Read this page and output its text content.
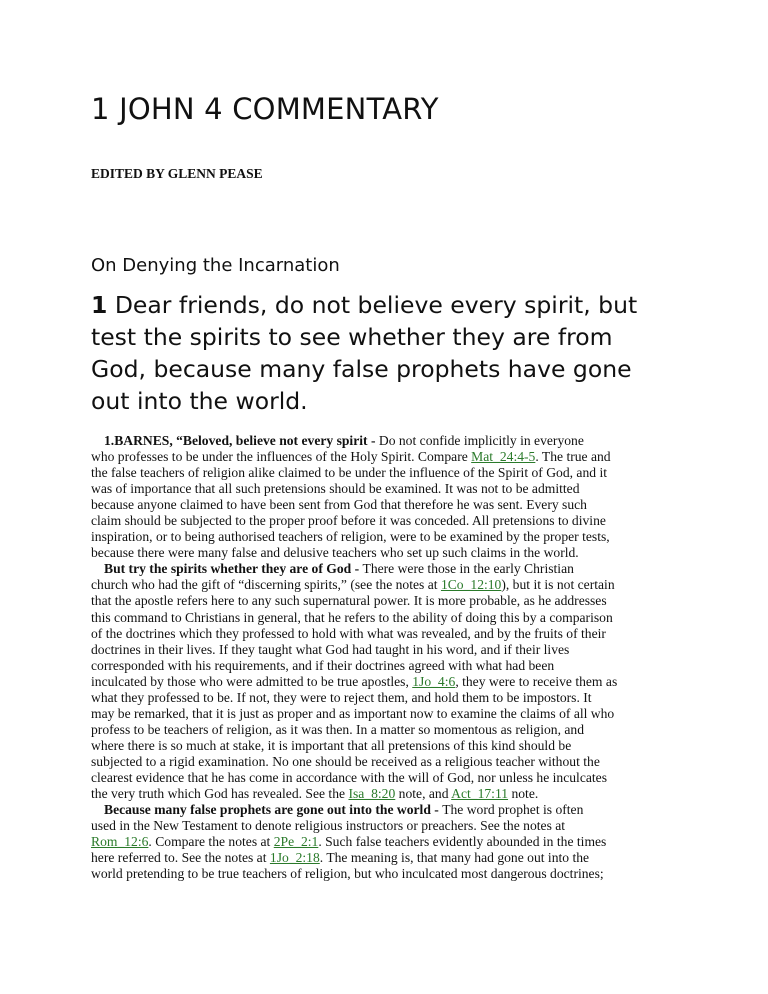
1 JOHN 4 COMMENTARY
EDITED BY GLENN PEASE
On Denying the Incarnation
1 Dear friends, do not believe every spirit, but
test the spirits to see whether they are from
God, because many false prophets have gone
out into the world.
1.BARNES, “Beloved, believe not every spirit - Do not confide implicitly in everyone
who professes to be under the influences of the Holy Spirit. Compare Mat_24:4-5. The true and
the false teachers of religion alike claimed to be under the influence of the Spirit of God, and it
was of importance that all such pretensions should be examined. It was not to be admitted
because anyone claimed to have been sent from God that therefore he was sent. Every such
claim should be subjected to the proper proof before it was conceded. All pretensions to divine
inspiration, or to being authorised teachers of religion, were to be examined by the proper tests,
because there were many false and delusive teachers who set up such claims in the world.
But try the spirits whether they are of God - There were those in the early Christian
church who had the gift of “discerning spirits,” (see the notes at 1Co_12:10), but it is not certain
that the apostle refers here to any such supernatural power. It is more probable, as he addresses
this command to Christians in general, that he refers to the ability of doing this by a comparison
of the doctrines which they professed to hold with what was revealed, and by the fruits of their
doctrines in their lives. If they taught what God had taught in his word, and if their lives
corresponded with his requirements, and if their doctrines agreed with what had been
inculcated by those who were admitted to be true apostles, 1Jo_4:6, they were to receive them as
what they professed to be. If not, they were to reject them, and hold them to be impostors. It
may be remarked, that it is just as proper and as important now to examine the claims of all who
profess to be teachers of religion, as it was then. In a matter so momentous as religion, and
where there is so much at stake, it is important that all pretensions of this kind should be
subjected to a rigid examination. No one should be received as a religious teacher without the
clearest evidence that he has come in accordance with the will of God, nor unless he inculcates
the very truth which God has revealed. See the Isa_8:20 note, and Act_17:11 note.
Because many false prophets are gone out into the world - The word prophet is often
used in the New Testament to denote religious instructors or preachers. See the notes at
Rom_12:6. Compare the notes at 2Pe_2:1. Such false teachers evidently abounded in the times
here referred to. See the notes at 1Jo_2:18. The meaning is, that many had gone out into the
world pretending to be true teachers of religion, but who inculcated most dangerous doctrines;
